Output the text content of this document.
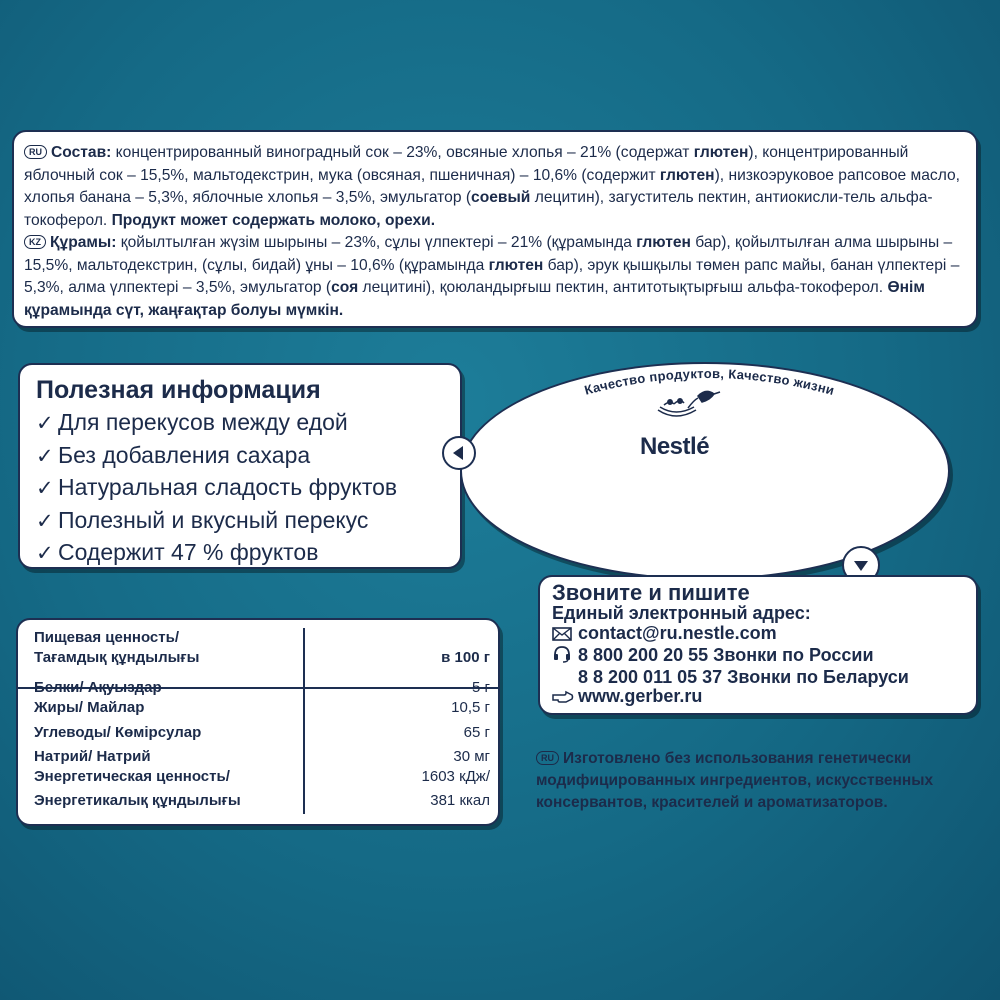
RU Состав: концентрированный виноградный сок – 23%, овсяные хлопья – 21% (содержат глютен), концентрированный яблочный сок – 15,5%, мальтодекстрин, мука (овсяная, пшеничная) – 10,6% (содержит глютен), низкоэруковое рапсовое масло, хлопья банана – 5,3%, яблочные хлопья – 3,5%, эмульгатор (соевый лецитин), загуститель пектин, антиокисли-тель альфа-токоферол. Продукт может содержать молоко, орехи.

KZ Құрамы: қойылтылған жүзім шырыны – 23%, сұлы үлпектері – 21% (құрамында глютен бар), қойылтылған алма шырыны – 15,5%, мальтодекстрин, (сұлы, бидай) ұны – 10,6% (құрамында глютен бар), эрук қышқылы төмен рапс майы, банан үлпектері – 5,3%, алма үлпектері – 3,5%, эмульгатор (соя лецитині), қоюландырғыш пектин, антитотықтырғыш альфа-токоферол. Өнім құрамында сүт, жаңғақтар болуы мүмкін.

Полезная информация
✓ Для перекусов между едой
✓ Без добавления сахара
✓ Натуральная сладость фруктов
✓ Полезный и вкусный перекус
✓ Содержит 47 % фруктов
Качество продуктов, Качество жизни
Nestlé
Звоните и пишите
Единый электронный адрес:
contact@ru.nestle.com
8 800 200 20 55 Звонки по России
8 8 200 011 05 37 Звонки по Беларуси
www.gerber.ru
Пищевая ценность/
Тағамдық құндылығы	в 100 г
Белки/ Ақуыздар	5 г
Жиры/ Майлар	10,5 г
Углеводы/ Көмірсулар	65 г
Натрий/ Натрий	30 мг
Энергетическая ценность/	1603 кДж/
Энергетикалық құндылығы	381 ккал
RU Изготовлено без использования генетически модифицированных ингредиентов, искусственных консервантов, красителей и ароматизаторов.
